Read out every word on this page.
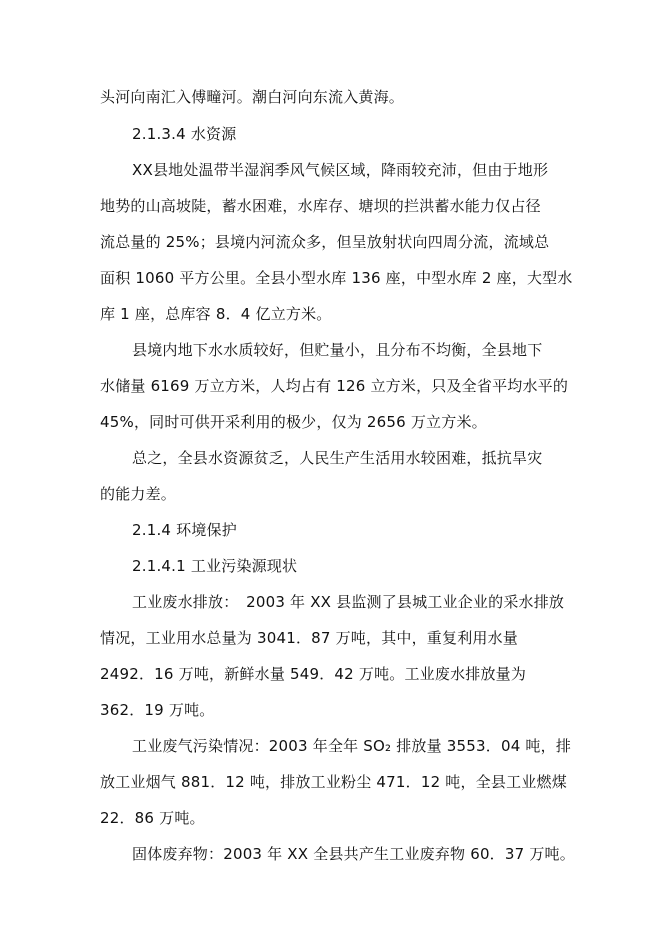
头河向南汇入傅疃河。潮白河向东流入黄海。
2.1.3.4 水资源
XX县地处温带半湿润季风气候区域，降雨较充沛，但由于地形
地势的山高坡陡，蓄水困难，水库存、塘坝的拦洪蓄水能力仅占径
流总量的 25%；县境内河流众多，但呈放射状向四周分流，流域总
面积 1060 平方公里。全县小型水库 136 座，中型水库 2 座，大型水
库 1 座，总库容 8．4 亿立方米。
县境内地下水水质较好，但贮量小，且分布不均衡，全县地下
水储量 6169 万立方米，人均占有 126 立方米，只及全省平均水平的
45%，同时可供开采利用的极少，仅为 2656 万立方米。
总之，全县水资源贫乏，人民生产生活用水较困难，抵抗旱灾
的能力差。
2.1.4 环境保护
2.1.4.1 工业污染源现状
工业废水排放：　2003 年 XX 县监测了县城工业企业的采水排放
情况，工业用水总量为 3041．87 万吨，其中，重复利用水量
2492．16 万吨，新鲜水量 549．42 万吨。工业废水排放量为
362．19 万吨。
工业废气污染情况：2003 年全年 SO₂ 排放量 3553．04 吨，排
放工业烟气 881．12 吨，排放工业粉尘 471．12 吨，全县工业燃煤
22．86 万吨。
固体废弃物：2003 年 XX 全县共产生工业废弃物 60．37 万吨。
